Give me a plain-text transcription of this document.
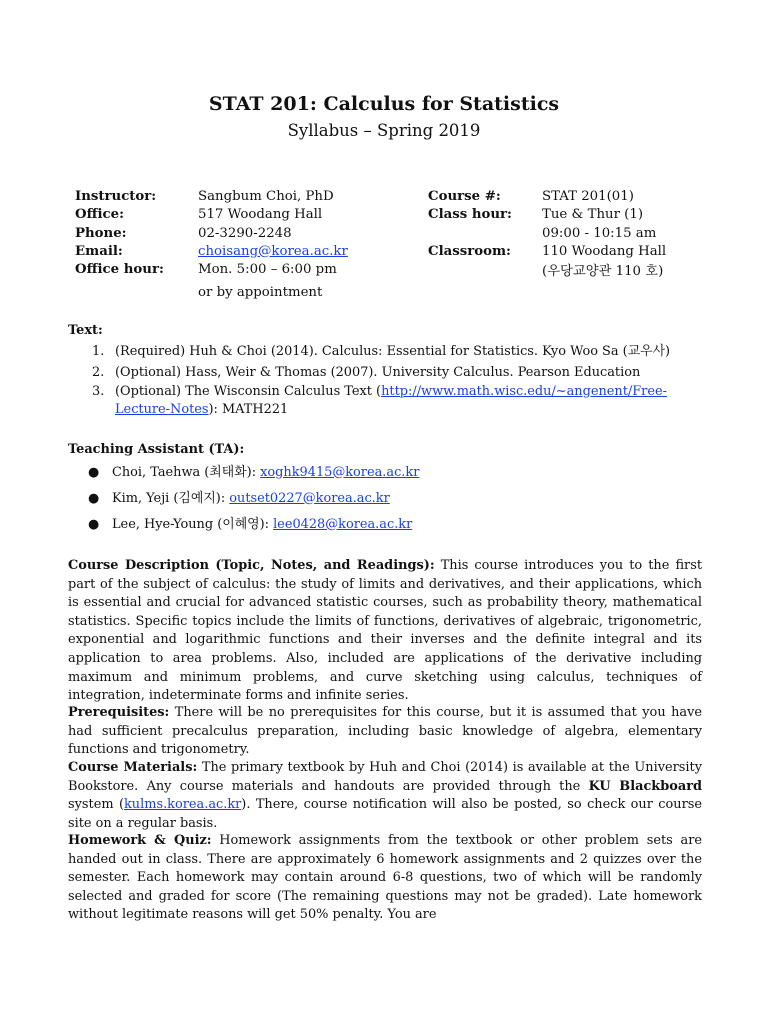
STAT 201: Calculus for Statistics
Syllabus – Spring 2019
Instructor:
Office:
Phone:
Email:
Office hour:
Sangbum Choi, PhD
517 Woodang Hall
02-3290-2248
choisang@korea.ac.kr
Mon. 5:00 – 6:00 pm
or by appointment
Course #:
Class hour:

Classroom:
STAT 201(01)
Tue & Thur (1)
09:00 - 10:15 am
110 Woodang Hall
(우당교양관 110 호)
Text:
1. (Required) Huh & Choi (2014). Calculus: Essential for Statistics. Kyo Woo Sa (교우사)
2. (Optional) Hass, Weir & Thomas (2007). University Calculus. Pearson Education
3. (Optional) The Wisconsin Calculus Text (http://www.math.wisc.edu/~angenent/Free-Lecture-Notes): MATH221
Teaching Assistant (TA):
● Choi, Taehwa (최태화): xoghk9415@korea.ac.kr
● Kim, Yeji (김예지): outset0227@korea.ac.kr
● Lee, Hye-Young (이혜영): lee0428@korea.ac.kr
Course Description (Topic, Notes, and Readings): This course introduces you to the first part of the subject of calculus: the study of limits and derivatives, and their applications, which is essential and crucial for advanced statistic courses, such as probability theory, mathematical statistics. Specific topics include the limits of functions, derivatives of algebraic, trigonometric, exponential and logarithmic functions and their inverses and the definite integral and its application to area problems. Also, included are applications of the derivative including maximum and minimum problems, and curve sketching using calculus, techniques of integration, indeterminate forms and infinite series.
Prerequisites: There will be no prerequisites for this course, but it is assumed that you have had sufficient precalculus preparation, including basic knowledge of algebra, elementary functions and trigonometry.
Course Materials: The primary textbook by Huh and Choi (2014) is available at the University Bookstore. Any course materials and handouts are provided through the KU Blackboard system (kulms.korea.ac.kr). There, course notification will also be posted, so check our course site on a regular basis.
Homework & Quiz: Homework assignments from the textbook or other problem sets are handed out in class. There are approximately 6 homework assignments and 2 quizzes over the semester. Each homework may contain around 6-8 questions, two of which will be randomly selected and graded for score (The remaining questions may not be graded). Late homework without legitimate reasons will get 50% penalty. You are
